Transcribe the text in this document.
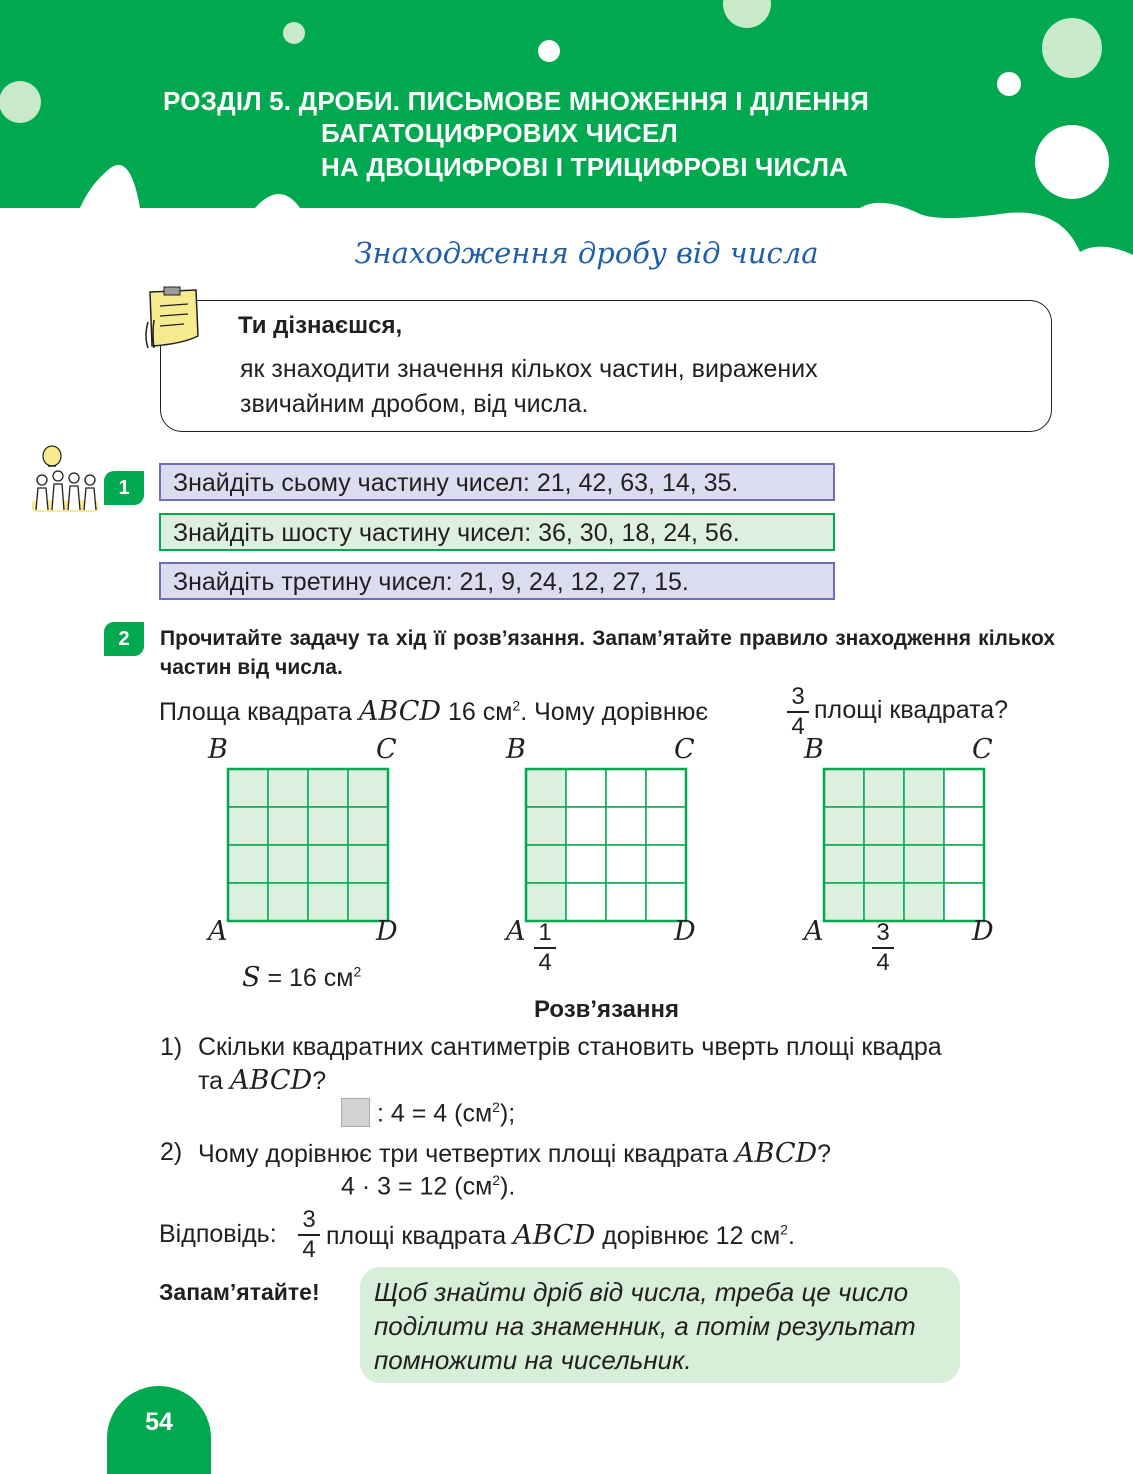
РОЗДІЛ 5. ДРОБИ. ПИСЬМОВЕ МНОЖЕННЯ І ДІЛЕННЯ
БАГАТОЦИФРОВИХ ЧИСЕЛ
НА ДВОЦИФРОВІ І ТРИЦИФРОВІ ЧИСЛА
Знаходження дробу від числа
Ти дізнаєшся,
як знаходити значення кількох частин, виражених
звичайним дробом, від числа.
1	Знайдіть сьому частину чисел: 21, 42, 63, 14, 35.
Знайдіть шосту частину чисел: 36, 30, 18, 24, 56.
Знайдіть третину чисел: 21, 9, 24, 12, 27, 15.
2	Прочитайте задачу та хід її розв’язання. Запам’ятайте правило знаходження кількох частин від числа.
Площа квадрата ABCD 16 $см^2$. Чому дорівнює
3
4
площі квадрата?
B	C
A	D
B	C
A	D
1
4
B	C
A	D
3
4
S = 16 $см^2$
Розв’язання
1) Скільки квадратних сантиметрів становить чверть площі квадра
та ABCD?
: 4 = 4 $(см^2)$;
2) Чому дорівнює три четвертих площі квадрата ABCD?
4 · 3 = 12 $(см^2)$.
Відповідь:
3
4 площі квадрата ABCD дорівнює 12 $см^2$.
Запам’ятайте! Щоб знайти дріб від числа, треба це число
поділити на знаменник, а потім результат
помножити на чисельник.
54
